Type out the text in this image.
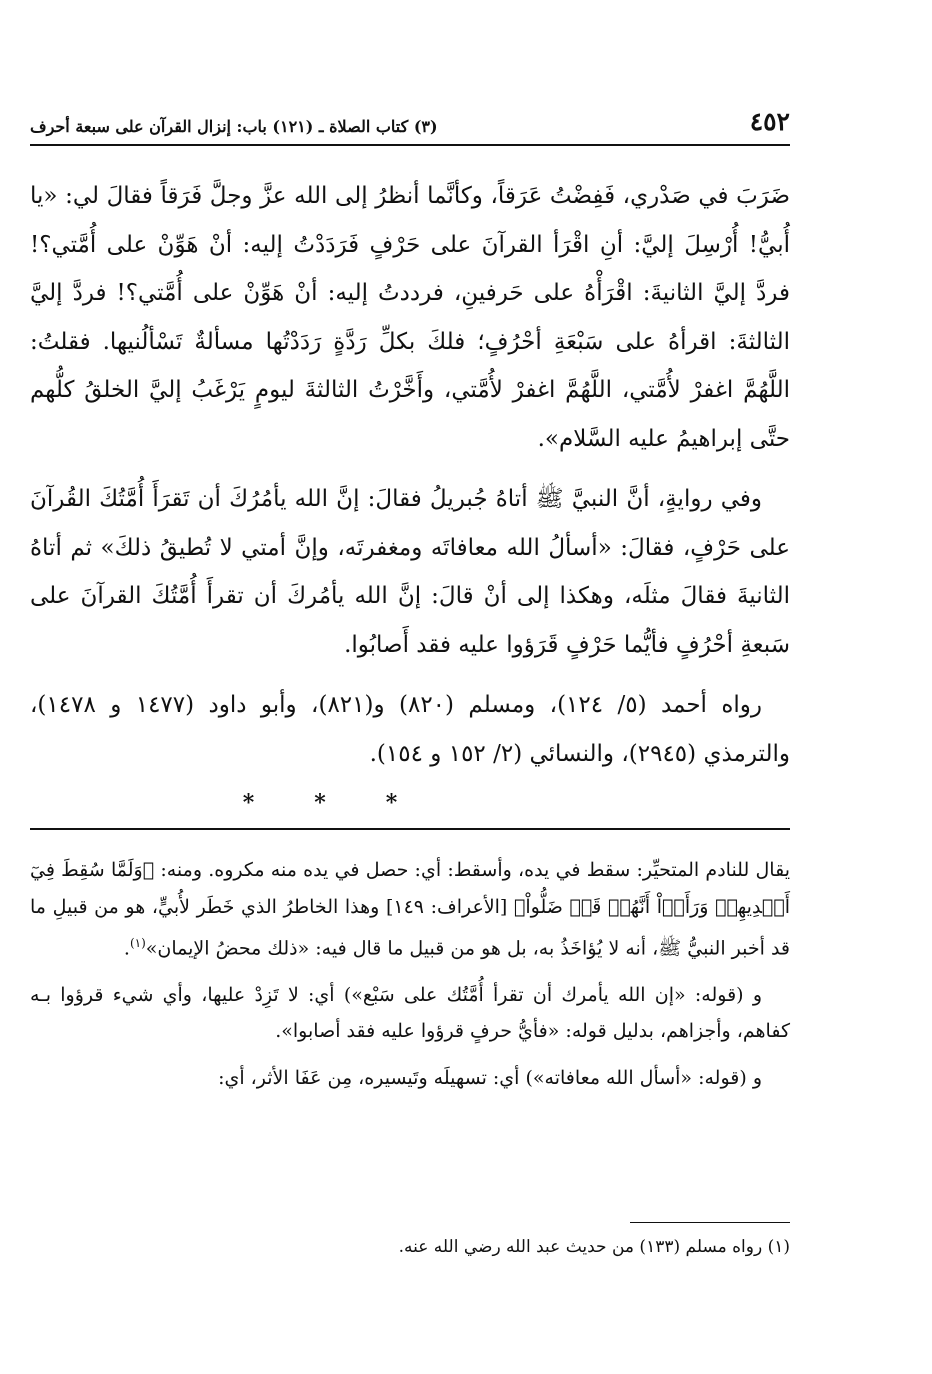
٤٥٢
(٣) كتاب الصلاة ـ (١٢١) باب: إنزال القرآن على سبعة أحرف

ضَرَبَ في صَدْري، فَفِضْتُ عَرَقاً، وكأنَّما أنظرُ إلى الله عزَّ وجلَّ فَرَقاً فقالَ لي: «يا أُبيُّ! أُرْسِلَ إليَّ: أنِ اقْرَأ القرآنَ على حَرْفٍ فَرَدَدْتُ إليه: أنْ هَوِّنْ على أُمَّتي؟! فردَّ إليَّ الثانيةَ: اقْرَأْهُ على حَرفينِ، فرددتُ إليه: أنْ هَوِّنْ على أُمَّتي؟! فردَّ إليَّ الثالثةَ: اقرأهُ على سَبْعَةِ أحْرُفٍ؛ فلكَ بكلِّ رَدَّةٍ رَدَدْتُها مسألةٌ تَسْألُنيها. فقلتُ: اللَّهُمَّ اغفرْ لأُمَّتي، اللَّهُمَّ اغفرْ لأُمَّتي، وأَخَّرْتُ الثالثةَ ليومٍ يَرْغَبُ إليَّ الخلقُ كلُّهم حتَّى إبراهيمُ عليه السَّلام».

وفي روايةٍ، أنَّ النبيَّ ﷺ أتاهُ جُبريلُ فقالَ: إنَّ الله يأمُرُكَ أن تَقرَأَ أُمَّتُكَ القُرآنَ على حَرْفٍ، فقالَ: «أسألُ الله معافاتَه ومغفرتَه، وإنَّ أمتي لا تُطيقُ ذلكَ» ثم أتاهُ الثانيةَ فقالَ مثلَه، وهكذا إلى أنْ قالَ: إنَّ الله يأمُركَ أن تقرأَ أُمَّتُكَ القرآنَ على سَبعةِ أحْرُفٍ فأيُّما حَرْفٍ قَرَؤوا عليه فقد أَصابُوا.

رواه أحمد (٥/ ١٢٤)، ومسلم (٨٢٠) و(٨٢١)، وأبو داود (١٤٧٧ و ١٤٧٨)، والترمذي (٢٩٤٥)، والنسائي (٢/ ١٥٢ و ١٥٤).

*
*
*

يقال للنادم المتحيِّر: سقط في يده، وأسقط: أي: حصل في يده منه مكروه. ومنه: ﴿وَلَمَّا سُقِطَ فِيٓ أَيۡدِيهِمۡ وَرَأَوۡاْ أَنَّهُمۡ قَدۡ ضَلُّواْ﴾ [الأعراف: ١٤٩] وهذا الخاطرُ الذي خَطَر لأُبيٍّ، هو من قبيلِ ما قد أخبر النبيُّ ﷺ، أنه لا يُؤاخَذُ به، بل هو من قبيل ما قال فيه: «ذلك محضُ الإيمان»$^{(١)}$.

و (قوله: «إن الله يأمرك أن تقرأ أُمَّتُك على سَبْع») أي: لا تَزِدْ عليها، وأي شيء قرؤوا بـه كفاهم، وأجزاهم، بدليل قوله: «فأيُّ حرفٍ قرؤوا عليه فقد أصابوا».

و (قوله: «أسأل الله معافاته») أي: تسهيلَه وتَيسيره، مِن عَفَا الأثر، أي:

(١) رواه مسلم (١٣٣) من حديث عبد الله رضي الله عنه.
